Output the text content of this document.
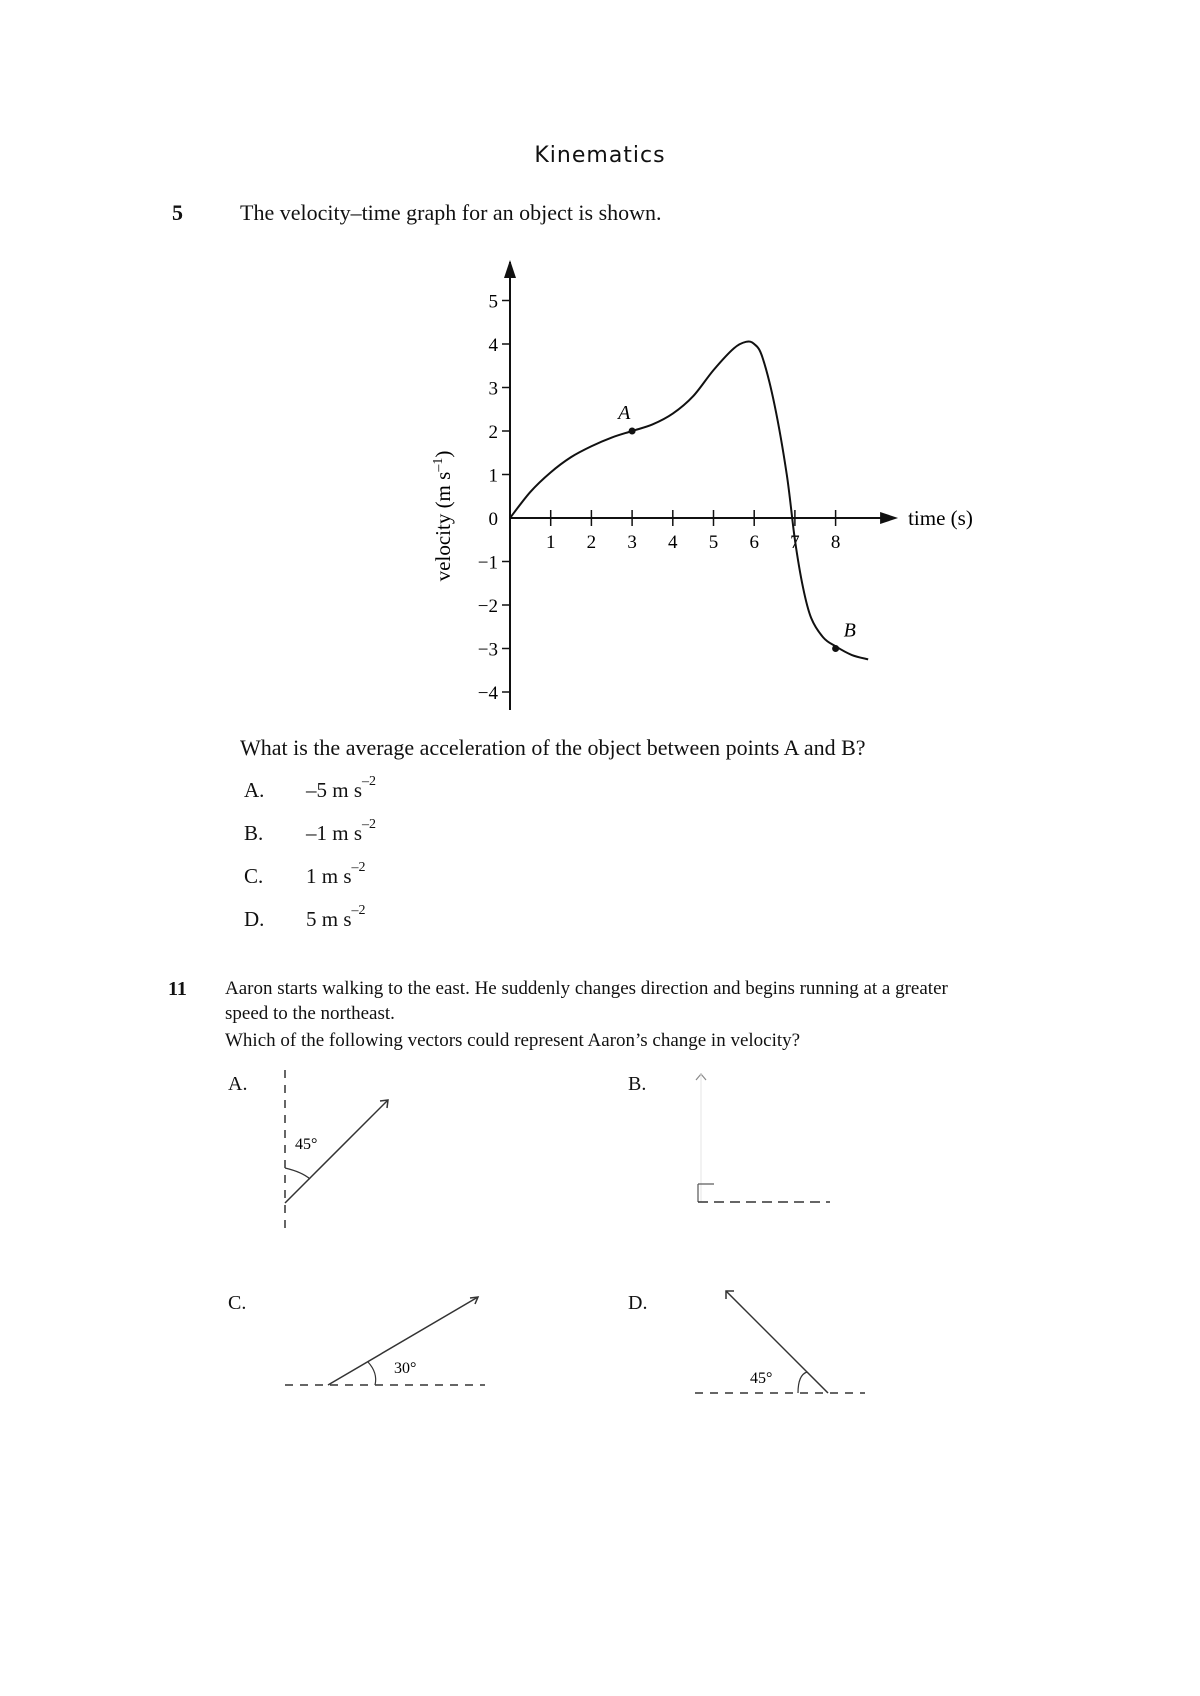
Kinematics
5	The velocity–time graph for an object is shown.
1 2 3 4 5 6 7 8
−4
−3
−2
−1
0
1
2
3
4
5
time (s)
velocity (m $s^{-1}$)
A
B
What is the average acceleration of the object between points A and B?
A. –5 m $s^{-2}$
B. –1 m $s^{-2}$
C. 1 m $s^{-2}$
D. 5 m $s^{-2}$
11 Aaron starts walking to the east. He suddenly changes direction and begins running at a greater
speed to the northeast.
Which of the following vectors could represent Aaron’s change in velocity?
A.
45°
B.
C.
30°
D.
45°
